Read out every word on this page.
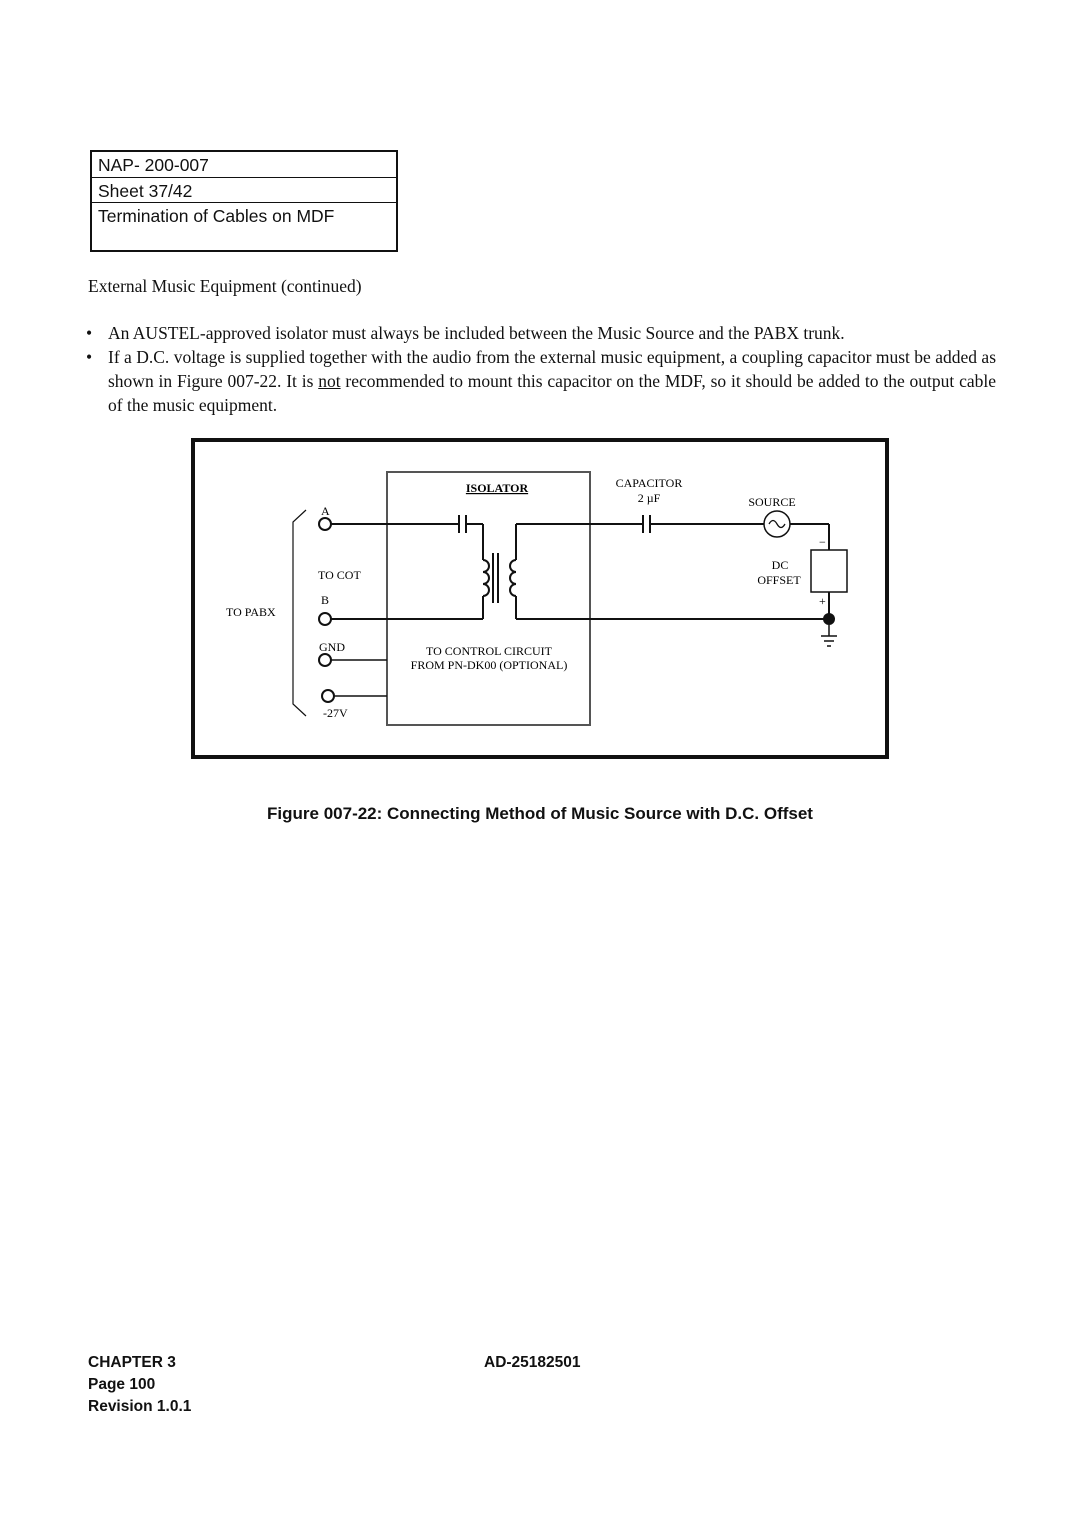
NAP- 200-007
Sheet 37/42
Termination of Cables on MDF
External Music Equipment (continued)
• An AUSTEL-approved isolator must always be included between the Music Source and the PABX trunk.
• If a D.C. voltage is supplied together with the audio from the external music equipment, a coupling capacitor must be added as shown in Figure 007-22. It is not recommended to mount this capacitor on the MDF, so it should be added to the output cable of the music equipment.
ISOLATOR
TO PABX
A
TO COT
B
GND
-27V
CAPACITOR
2 µF	SOURCE
−
+
DC
OFFSET
TO CONTROL CIRCUIT
FROM PN-DK00 (OPTIONAL)
Figure 007-22: Connecting Method of Music Source with D.C. Offset
CHAPTER 3
Page 100
Revision 1.0.1
AD-25182501
